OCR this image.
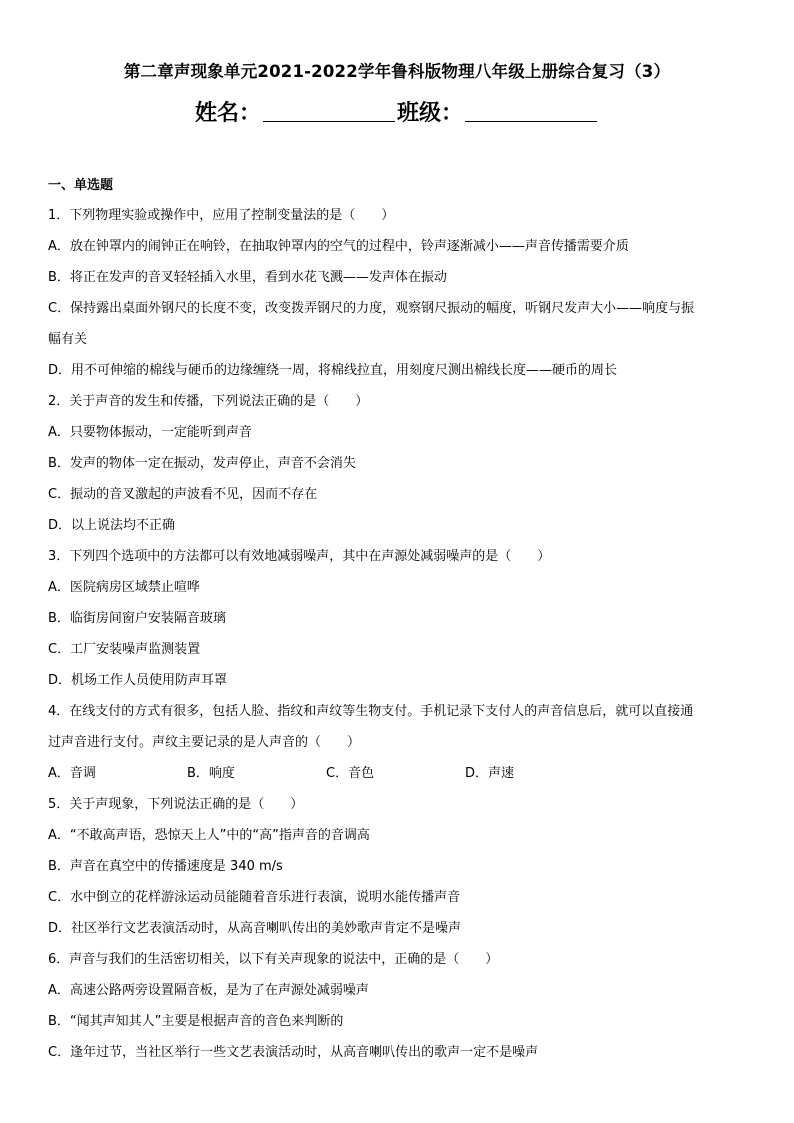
第二章声现象单元2021-2022学年鲁科版物理八年级上册综合复习（3）
姓名：	班级：
一、单选题
1．下列物理实验或操作中，应用了控制变量法的是（　　）
A．放在钟罩内的闹钟正在响铃，在抽取钟罩内的空气的过程中，铃声逐渐减小——声音传播需要介质
B．将正在发声的音叉轻轻插入水里，看到水花飞溅——发声体在振动
C．保持露出桌面外钢尺的长度不变，改变拨弄钢尺的力度，观察钢尺振动的幅度，听钢尺发声大小——响度与振
幅有关
D．用不可伸缩的棉线与硬币的边缘缠绕一周，将棉线拉直，用刻度尺测出棉线长度——硬币的周长
2．关于声音的发生和传播，下列说法正确的是（　　）
A．只要物体振动，一定能听到声音
B．发声的物体一定在振动，发声停止，声音不会消失
C．振动的音叉激起的声波看不见，因而不存在
D．以上说法均不正确
3．下列四个选项中的方法都可以有效地减弱噪声，其中在声源处减弱噪声的是（　　）
A．医院病房区域禁止喧哗
B．临街房间窗户安装隔音玻璃
C．工厂安装噪声监测装置
D．机场工作人员使用防声耳罩
4．在线支付的方式有很多，包括人脸、指纹和声纹等生物支付。手机记录下支付人的声音信息后，就可以直接通
过声音进行支付。声纹主要记录的是人声音的（　　）
A．音调	B．响度	C．音色	D．声速
5．关于声现象，下列说法正确的是（　　）
A．“不敢高声语，恐惊天上人”中的“高”指声音的音调高
B．声音在真空中的传播速度是 340 m/s
C．水中倒立的花样游泳运动员能随着音乐进行表演，说明水能传播声音
D．社区举行文艺表演活动时，从高音喇叭传出的美妙歌声肯定不是噪声
6．声音与我们的生活密切相关，以下有关声现象的说法中，正确的是（　　）
A．高速公路两旁设置隔音板，是为了在声源处减弱噪声
B．“闻其声知其人”主要是根据声音的音色来判断的
C．逢年过节，当社区举行一些文艺表演活动时，从高音喇叭传出的歌声一定不是噪声
